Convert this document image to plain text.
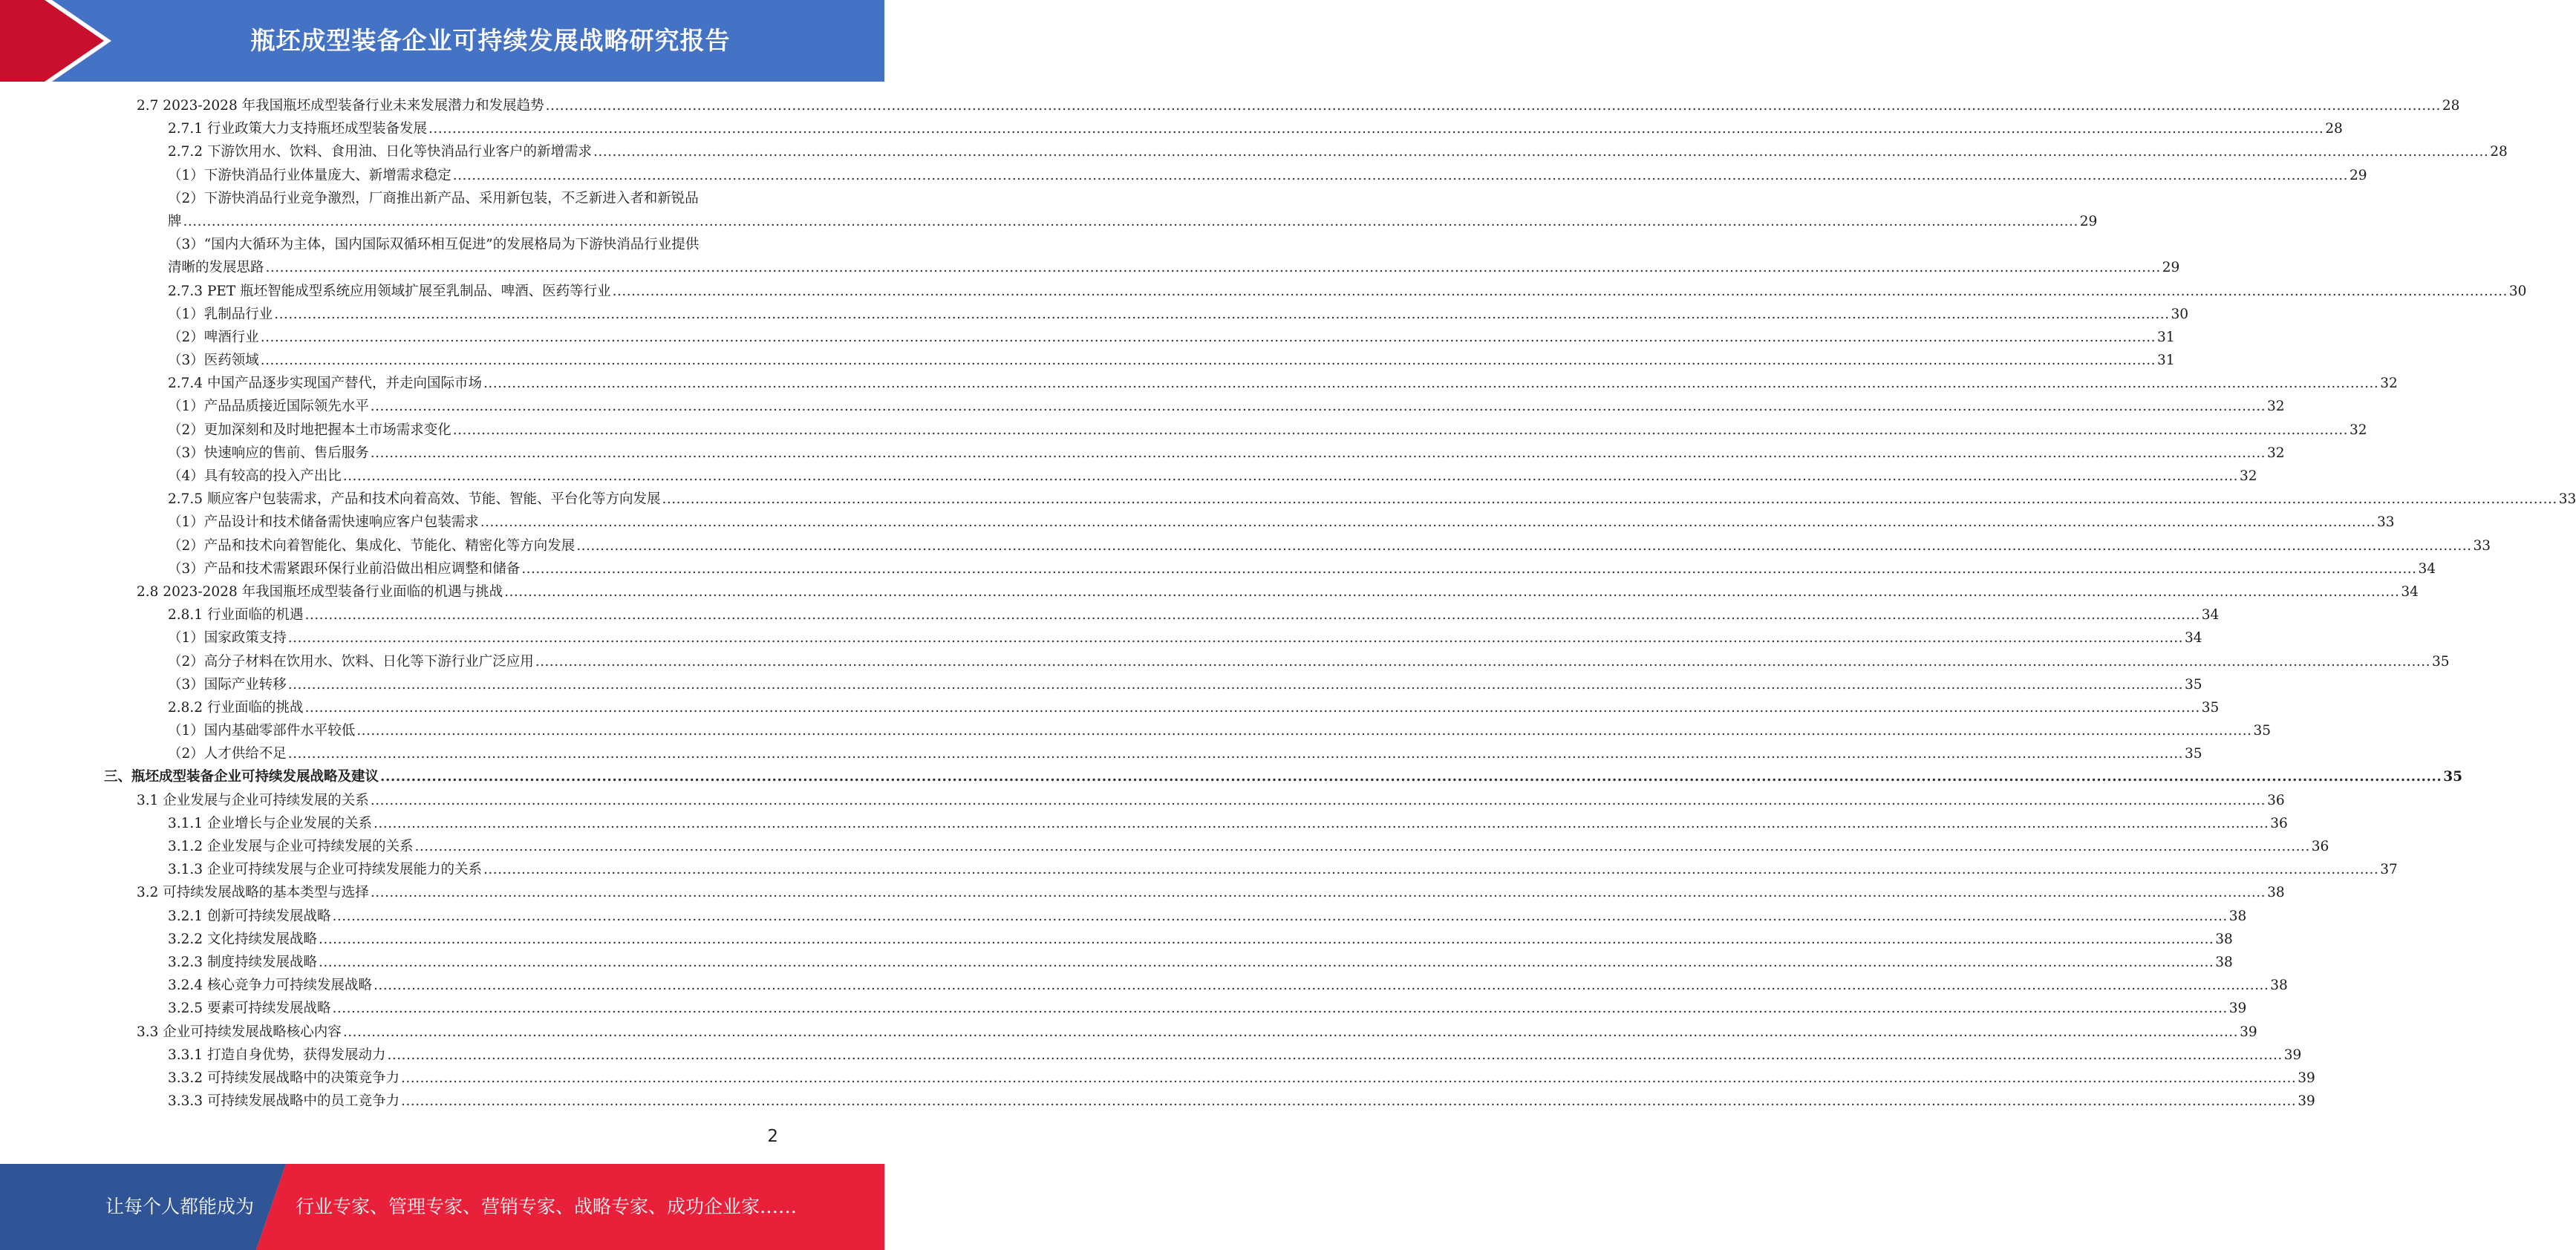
瓶坯成型装备企业可持续发展战略研究报告
2.7 2023-2028 年我国瓶坯成型装备行业未来发展潜力和发展趋势 ................................................................................................................................................................................................................................................................................................................................................................................................................ 28
2.7.1 行业政策大力支持瓶坯成型装备发展 ................................................................................................................................................................................................................................................................................................................................................................................................................ 28
2.7.2 下游饮用水、饮料、食用油、日化等快消品行业客户的新增需求 ................................................................................................................................................................................................................................................................................................................................................................................................................ 28
（1）下游快消品行业体量庞大、新增需求稳定 ................................................................................................................................................................................................................................................................................................................................................................................................................ 29
（2）下游快消品行业竞争激烈，厂商推出新产品、采用新包装，不乏新进入者和新锐品
牌 ................................................................................................................................................................................................................................................................................................................................................................................................................ 29
（3）“国内大循环为主体，国内国际双循环相互促进”的发展格局为下游快消品行业提供
清晰的发展思路 ................................................................................................................................................................................................................................................................................................................................................................................................................ 29
2.7.3 PET 瓶坯智能成型系统应用领域扩展至乳制品、啤酒、医药等行业 ................................................................................................................................................................................................................................................................................................................................................................................................................ 30
（1）乳制品行业 ................................................................................................................................................................................................................................................................................................................................................................................................................ 30
（2）啤酒行业 ................................................................................................................................................................................................................................................................................................................................................................................................................ 31
（3）医药领域 ................................................................................................................................................................................................................................................................................................................................................................................................................ 31
2.7.4 中国产品逐步实现国产替代，并走向国际市场 ................................................................................................................................................................................................................................................................................................................................................................................................................ 32
（1）产品品质接近国际领先水平 ................................................................................................................................................................................................................................................................................................................................................................................................................ 32
（2）更加深刻和及时地把握本土市场需求变化 ................................................................................................................................................................................................................................................................................................................................................................................................................ 32
（3）快速响应的售前、售后服务 ................................................................................................................................................................................................................................................................................................................................................................................................................ 32
（4）具有较高的投入产出比 ................................................................................................................................................................................................................................................................................................................................................................................................................ 32
2.7.5 顺应客户包装需求，产品和技术向着高效、节能、智能、平台化等方向发展 ................................................................................................................................................................................................................................................................................................................................................................................................................ 33
（1）产品设计和技术储备需快速响应客户包装需求 ................................................................................................................................................................................................................................................................................................................................................................................................................ 33
（2）产品和技术向着智能化、集成化、节能化、精密化等方向发展 ................................................................................................................................................................................................................................................................................................................................................................................................................ 33
（3）产品和技术需紧跟环保行业前沿做出相应调整和储备 ................................................................................................................................................................................................................................................................................................................................................................................................................ 34
2.8 2023-2028 年我国瓶坯成型装备行业面临的机遇与挑战 ................................................................................................................................................................................................................................................................................................................................................................................................................ 34
2.8.1 行业面临的机遇 ................................................................................................................................................................................................................................................................................................................................................................................................................ 34
（1）国家政策支持 ................................................................................................................................................................................................................................................................................................................................................................................................................ 34
（2）高分子材料在饮用水、饮料、日化等下游行业广泛应用 ................................................................................................................................................................................................................................................................................................................................................................................................................ 35
（3）国际产业转移 ................................................................................................................................................................................................................................................................................................................................................................................................................ 35
2.8.2 行业面临的挑战 ................................................................................................................................................................................................................................................................................................................................................................................................................ 35
（1）国内基础零部件水平较低 ................................................................................................................................................................................................................................................................................................................................................................................................................ 35
（2）人才供给不足 ................................................................................................................................................................................................................................................................................................................................................................................................................ 35
三、瓶坯成型装备企业可持续发展战略及建议 ................................................................................................................................................................................................................................................................................................................................................................................................................ 35
3.1 企业发展与企业可持续发展的关系 ................................................................................................................................................................................................................................................................................................................................................................................................................ 36
3.1.1 企业增长与企业发展的关系 ................................................................................................................................................................................................................................................................................................................................................................................................................ 36
3.1.2 企业发展与企业可持续发展的关系 ................................................................................................................................................................................................................................................................................................................................................................................................................ 36
3.1.3 企业可持续发展与企业可持续发展能力的关系 ................................................................................................................................................................................................................................................................................................................................................................................................................ 37
3.2 可持续发展战略的基本类型与选择 ................................................................................................................................................................................................................................................................................................................................................................................................................ 38
3.2.1 创新可持续发展战略 ................................................................................................................................................................................................................................................................................................................................................................................................................ 38
3.2.2 文化持续发展战略 ................................................................................................................................................................................................................................................................................................................................................................................................................ 38
3.2.3 制度持续发展战略 ................................................................................................................................................................................................................................................................................................................................................................................................................ 38
3.2.4 核心竞争力可持续发展战略 ................................................................................................................................................................................................................................................................................................................................................................................................................ 38
3.2.5 要素可持续发展战略 ................................................................................................................................................................................................................................................................................................................................................................................................................ 39
3.3 企业可持续发展战略核心内容 ................................................................................................................................................................................................................................................................................................................................................................................................................ 39
3.3.1 打造自身优势，获得发展动力 ................................................................................................................................................................................................................................................................................................................................................................................................................ 39
3.3.2 可持续发展战略中的决策竞争力 ................................................................................................................................................................................................................................................................................................................................................................................................................ 39
3.3.3 可持续发展战略中的员工竞争力 ................................................................................................................................................................................................................................................................................................................................................................................................................ 39
2
让每个人都能成为 行业专家、管理专家、营销专家、战略专家、成功企业家……
